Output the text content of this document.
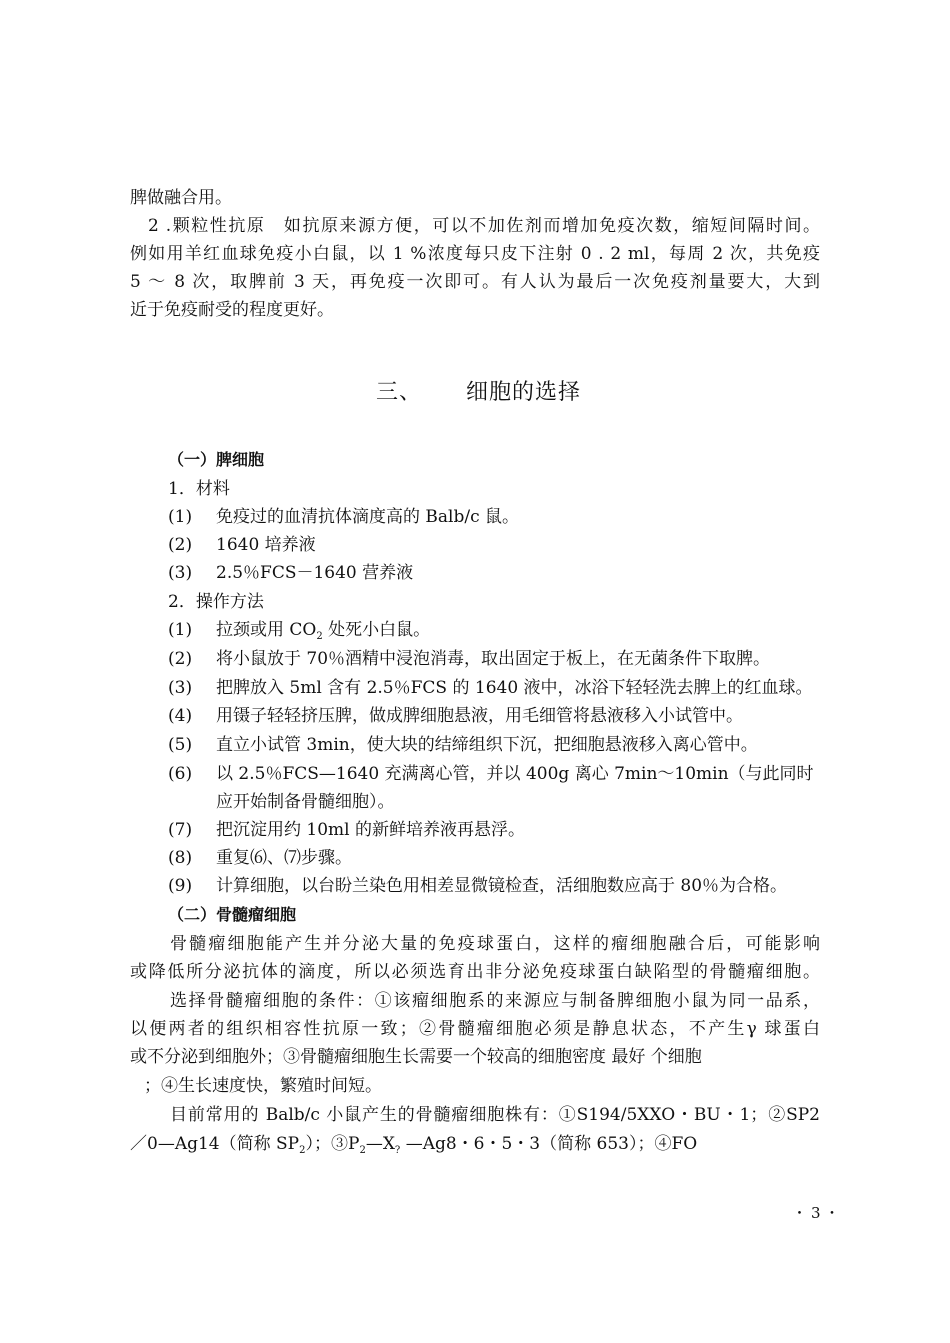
脾做融合用。
2 .颗粒性抗原　如抗原来源方便，可以不加佐剂而增加免疫次数，缩短间隔时间。
例如用羊红血球免疫小白鼠，以 1 %浓度每只皮下注射 0 . 2 ml，每周 2 次，共免疫
5 ～ 8 次，取脾前 3 天，再免疫一次即可。有人认为最后一次免疫剂量要大，大到
近于免疫耐受的程度更好。
三、 细胞的选择
（一）脾细胞
1．材料
(1) 免疫过的血清抗体滴度高的 Balb/c 鼠。
(2) 1640 培养液
(3) 2.5％FCS－1640 营养液
2．操作方法
(1) 拉颈或用 $CO_2$ 处死小白鼠。
(2) 将小鼠放于 70％酒精中浸泡消毒，取出固定于板上，在无菌条件下取脾。
(3) 把脾放入 5ml 含有 2.5％FCS 的 1640 液中，冰浴下轻轻洗去脾上的红血球。
(4) 用镊子轻轻挤压脾，做成脾细胞悬液，用毛细管将悬液移入小试管中。
(5) 直立小试管 3min，使大块的结缔组织下沉，把细胞悬液移入离心管中。
(6) 以 2.5％FCS—1640 充满离心管，并以 400g 离心 7min～10min（与此同时
应开始制备骨髓细胞）。
(7) 把沉淀用约 10ml 的新鲜培养液再悬浮。
(8) 重复⑹、⑺步骤。
(9) 计算细胞，以台盼兰染色用相差显微镜检查，活细胞数应高于 80％为合格。
（二）骨髓瘤细胞
骨髓瘤细胞能产生并分泌大量的免疫球蛋白，这样的瘤细胞融合后，可能影响
或降低所分泌抗体的滴度，所以必须选育出非分泌免疫球蛋白缺陷型的骨髓瘤细胞。
选择骨髓瘤细胞的条件：①该瘤细胞系的来源应与制备脾细胞小鼠为同一品系，
以便两者的组织相容性抗原一致；②骨髓瘤细胞必须是静息状态，不产生γ 球蛋白
或不分泌到细胞外；③骨髓瘤细胞生长需要一个较高的细胞密度 最好 个细胞
；④生长速度快，繁殖时间短。
目前常用的 Balb/c 小鼠产生的骨髓瘤细胞株有：①S194/5XXO・BU・1；②SP2
／0—Ag14（简称 $SP_2$）；$③P_2—X_?$ —Ag8・6・5・3（简称 653）；④FO
・3・
